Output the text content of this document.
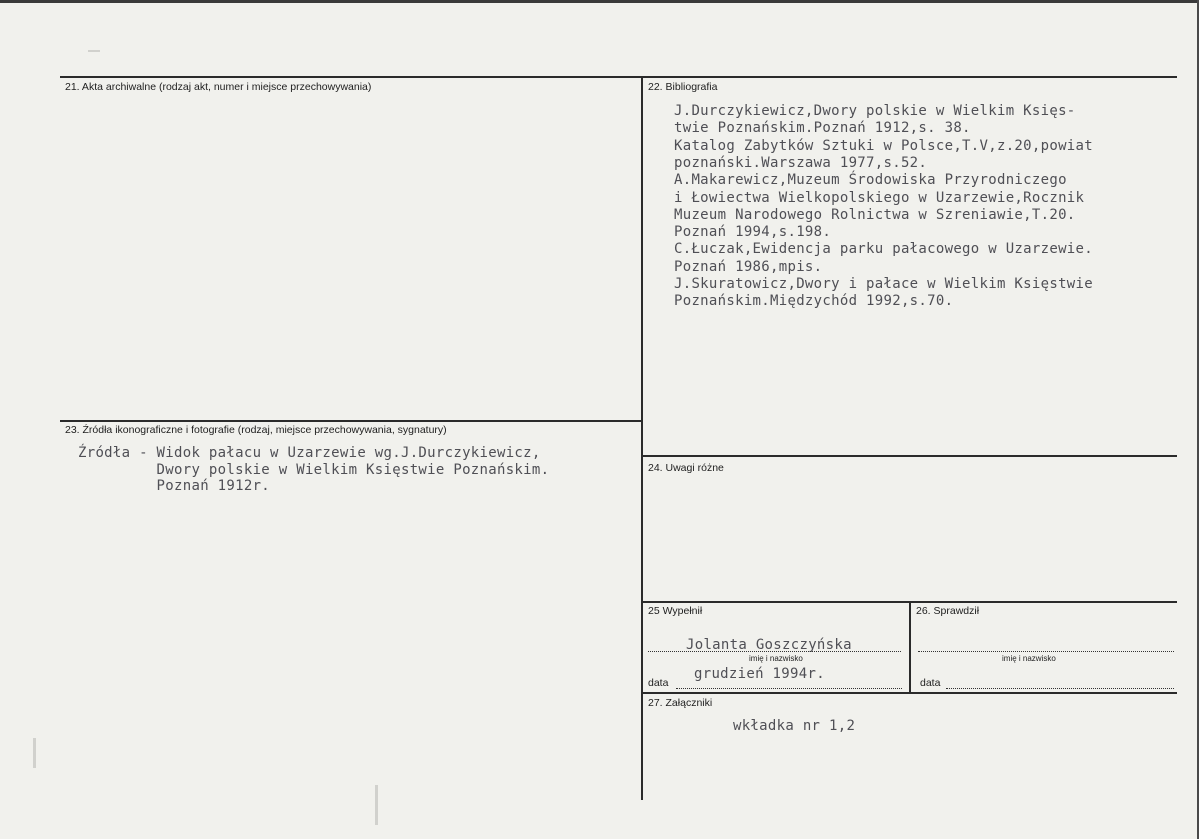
21. Akta archiwalne (rodzaj akt, numer i miejsce przechowywania)	22. Bibliografia
J.Durczykiewicz,Dwory polskie w Wielkim Księs-
twie Poznańskim.Poznań 1912,s. 38.
Katalog Zabytków Sztuki w Polsce,T.V,z.20,powiat
poznański.Warszawa 1977,s.52.
A.Makarewicz,Muzeum Środowiska Przyrodniczego
i Łowiectwa Wielkopolskiego w Uzarzewie,Rocznik
Muzeum Narodowego Rolnictwa w Szreniawie,T.20.
Poznań 1994,s.198.
C.Łuczak,Ewidencja parku pałacowego w Uzarzewie.
Poznań 1986,mpis.
J.Skuratowicz,Dwory i pałace w Wielkim Księstwie
Poznańskim.Międzychód 1992,s.70.
23. Źródła ikonograficzne i fotografie (rodzaj, miejsce przechowywania, sygnatury)
Źródła - Widok pałacu w Uzarzewie wg.J.Durczykiewicz,
Dwory polskie w Wielkim Księstwie Poznańskim.
Poznań 1912r.
24. Uwagi różne
25 Wypełnił
Jolanta Goszczyńska
imię i nazwisko
grudzień 1994r.
data
26. Sprawdził
imię i nazwisko
data
27. Załączniki
wkładka nr 1,2
